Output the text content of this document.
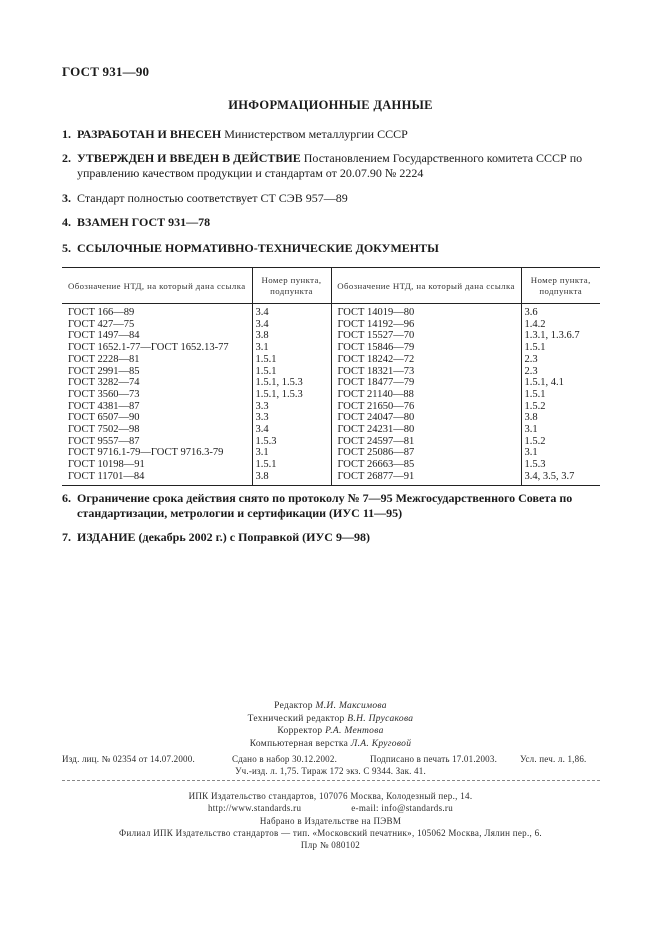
ГОСТ 931—90
ИНФОРМАЦИОННЫЕ ДАННЫЕ
1. РАЗРАБОТАН И ВНЕСЕН Министерством металлургии СССР
2. УТВЕРЖДЕН И ВВЕДЕН В ДЕЙСТВИЕ Постановлением Государственного комитета СССР по управлению качеством продукции и стандартам от 20.07.90 № 2224
3. Стандарт полностью соответствует СТ СЭВ 957—89
4. ВЗАМЕН ГОСТ 931—78
5. ССЫЛОЧНЫЕ НОРМАТИВНО-ТЕХНИЧЕСКИЕ ДОКУМЕНТЫ
Обозначение НТД, на который дана ссылка	Номер пункта, подпункта	Обозначение НТД, на который дана ссылка	Номер пункта, подпункта
ГОСТ 166—89	3.4	ГОСТ 14019—80	3.6
ГОСТ 427—75	3.4	ГОСТ 14192—96	1.4.2
ГОСТ 1497—84	3.8	ГОСТ 15527—70	1.3.1, 1.3.6.7
ГОСТ 1652.1-77—ГОСТ 1652.13-77	3.1	ГОСТ 15846—79	1.5.1
ГОСТ 2228—81	1.5.1	ГОСТ 18242—72	2.3
ГОСТ 2991—85	1.5.1	ГОСТ 18321—73	2.3
ГОСТ 3282—74	1.5.1, 1.5.3	ГОСТ 18477—79	1.5.1, 4.1
ГОСТ 3560—73	1.5.1, 1.5.3	ГОСТ 21140—88	1.5.1
ГОСТ 4381—87	3.3	ГОСТ 21650—76	1.5.2
ГОСТ 6507—90	3.3	ГОСТ 24047—80	3.8
ГОСТ 7502—98	3.4	ГОСТ 24231—80	3.1
ГОСТ 9557—87	1.5.3	ГОСТ 24597—81	1.5.2
ГОСТ 9716.1-79—ГОСТ 9716.3-79	3.1	ГОСТ 25086—87	3.1
ГОСТ 10198—91	1.5.1	ГОСТ 26663—85	1.5.3
ГОСТ 11701—84	3.8	ГОСТ 26877—91	3.4, 3.5, 3.7
6. Ограничение срока действия снято по протоколу № 7—95 Межгосударственного Совета по стандартизации, метрологии и сертификации (ИУС 11—95)
7. ИЗДАНИЕ (декабрь 2002 г.) с Поправкой (ИУС 9—98)
Редактор М.И. Максимова
Технический редактор В.Н. Прусакова
Корректор Р.А. Ментова
Компьютерная верстка Л.А. Круговой
Изд. лиц. № 02354 от 14.07.2000.	Сдано в набор 30.12.2002.	Подписано в печать 17.01.2003.	Усл. печ. л. 1,86.
Уч.-изд. л. 1,75. Тираж 172 экз. С 9344. Зак. 41.
ИПК Издательство стандартов, 107076 Москва, Колодезный пер., 14.
http://www.standards.ru	e-mail: info@standards.ru
Набрано в Издательстве на ПЭВМ
Филиал ИПК Издательство стандартов — тип. «Московский печатник», 105062 Москва, Лялин пер., 6.
Плр № 080102
